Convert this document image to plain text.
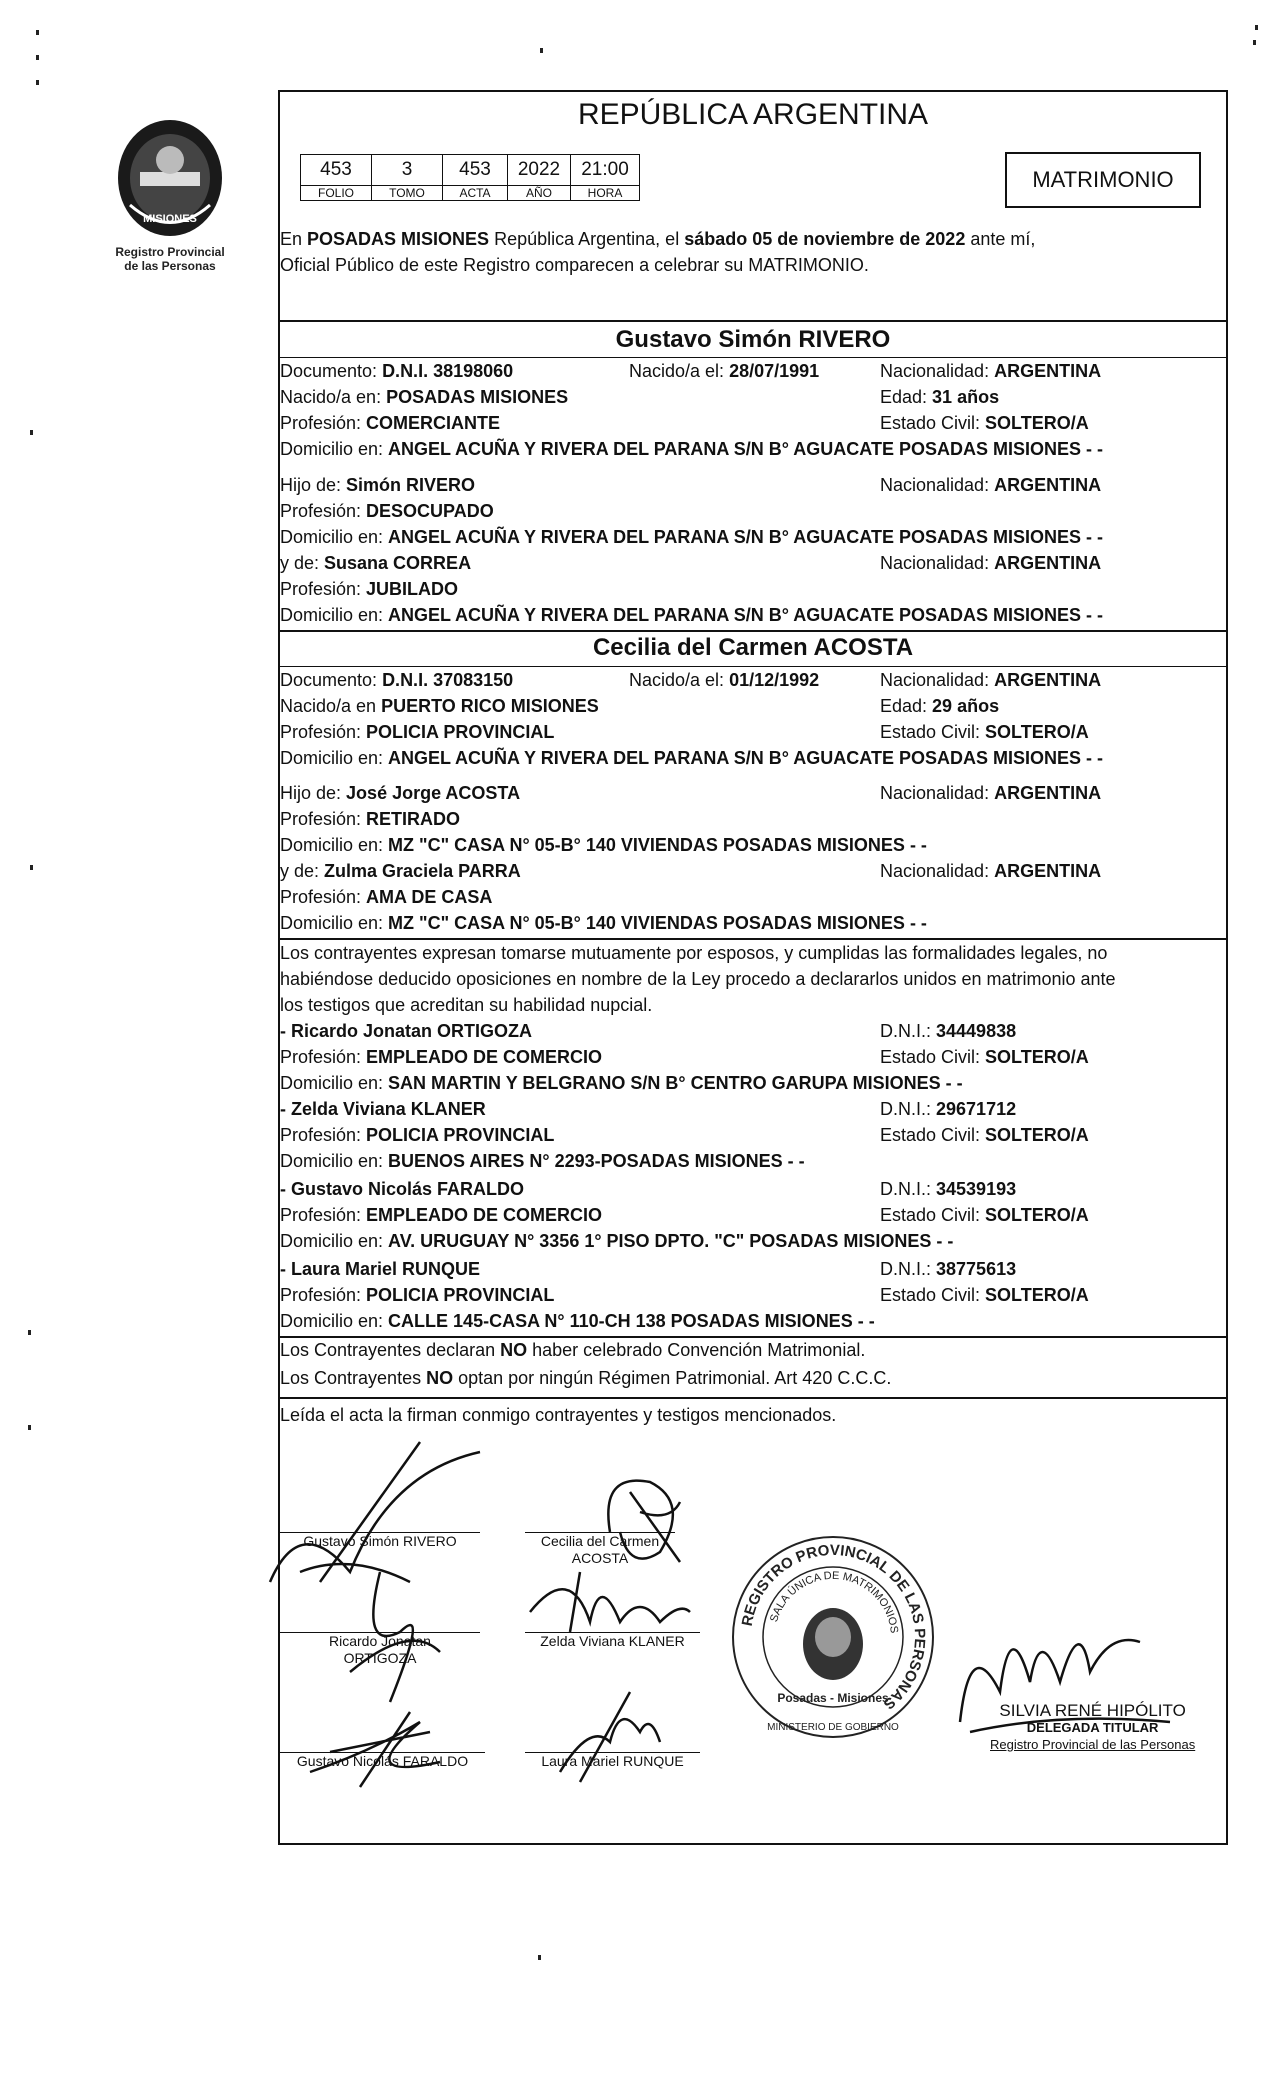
MISIONES
Registro Provincial
de las Personas
REPÚBLICA ARGENTINA
453	3	453	2022	21:00
FOLIO	TOMO	ACTA	AÑO	HORA
MATRIMONIO
En POSADAS MISIONES República Argentina, el sábado 05 de noviembre de 2022 ante mí,
Oficial Público de este Registro comparecen a celebrar su MATRIMONIO.
Gustavo Simón RIVERO
Documento: D.N.I. 38198060	Nacido/a el: 28/07/1991	Nacionalidad: ARGENTINA
Nacido/a en: POSADAS MISIONES	Edad: 31 años
Profesión: COMERCIANTE	Estado Civil: SOLTERO/A
Domicilio en: ANGEL ACUÑA Y RIVERA DEL PARANA S/N B° AGUACATE POSADAS MISIONES - -
Hijo de: Simón RIVERO	Nacionalidad: ARGENTINA
Profesión: DESOCUPADO
Domicilio en: ANGEL ACUÑA Y RIVERA DEL PARANA S/N B° AGUACATE POSADAS MISIONES - -
y de: Susana CORREA	Nacionalidad: ARGENTINA
Profesión: JUBILADO
Domicilio en: ANGEL ACUÑA Y RIVERA DEL PARANA S/N B° AGUACATE POSADAS MISIONES - -
Cecilia del Carmen ACOSTA
Documento: D.N.I. 37083150	Nacido/a el: 01/12/1992	Nacionalidad: ARGENTINA
Nacido/a en PUERTO RICO MISIONES	Edad: 29 años
Profesión: POLICIA PROVINCIAL	Estado Civil: SOLTERO/A
Domicilio en: ANGEL ACUÑA Y RIVERA DEL PARANA S/N B° AGUACATE POSADAS MISIONES - -
Hijo de: José Jorge ACOSTA	Nacionalidad: ARGENTINA
Profesión: RETIRADO
Domicilio en: MZ "C" CASA N° 05-B° 140 VIVIENDAS POSADAS MISIONES - -
y de: Zulma Graciela PARRA	Nacionalidad: ARGENTINA
Profesión: AMA DE CASA
Domicilio en: MZ "C" CASA N° 05-B° 140 VIVIENDAS POSADAS MISIONES - -
Los contrayentes expresan tomarse mutuamente por esposos, y cumplidas las formalidades legales, no
habiéndose deducido oposiciones en nombre de la Ley procedo a declararlos unidos en matrimonio ante
los testigos que acreditan su habilidad nupcial.
- Ricardo Jonatan ORTIGOZA	D.N.I.: 34449838
Profesión: EMPLEADO DE COMERCIO	Estado Civil: SOLTERO/A
Domicilio en: SAN MARTIN Y BELGRANO S/N B° CENTRO GARUPA MISIONES - -
- Zelda Viviana KLANER	D.N.I.: 29671712
Profesión: POLICIA PROVINCIAL	Estado Civil: SOLTERO/A
Domicilio en: BUENOS AIRES N° 2293-POSADAS MISIONES - -
- Gustavo Nicolás FARALDO	D.N.I.: 34539193
Profesión: EMPLEADO DE COMERCIO	Estado Civil: SOLTERO/A
Domicilio en: AV. URUGUAY N° 3356 1° PISO DPTO. "C" POSADAS MISIONES - -
- Laura Mariel RUNQUE	D.N.I.: 38775613
Profesión: POLICIA PROVINCIAL	Estado Civil: SOLTERO/A
Domicilio en: CALLE 145-CASA N° 110-CH 138 POSADAS MISIONES - -
Los Contrayentes declaran NO haber celebrado Convención Matrimonial.
Los Contrayentes NO optan por ningún Régimen Patrimonial. Art 420 C.C.C.
Leída el acta la firman conmigo contrayentes y testigos mencionados.
Gustavo Simón RIVERO	Cecilia del Carmen
ACOSTA
Ricardo Jonatan
ORTIGOZA
Zelda Viviana KLANER
Gustavo Nicolás FARALDO	Laura Mariel RUNQUE
REGISTRO PROVINCIAL DE LAS PERSONAS
SALA ÚNICA DE MATRIMONIOS
Posadas - Misiones
MINISTERIO DE GOBIERNO
SILVIA RENÉ HIPÓLITO
DELEGADA TITULAR
Registro Provincial de las Personas
